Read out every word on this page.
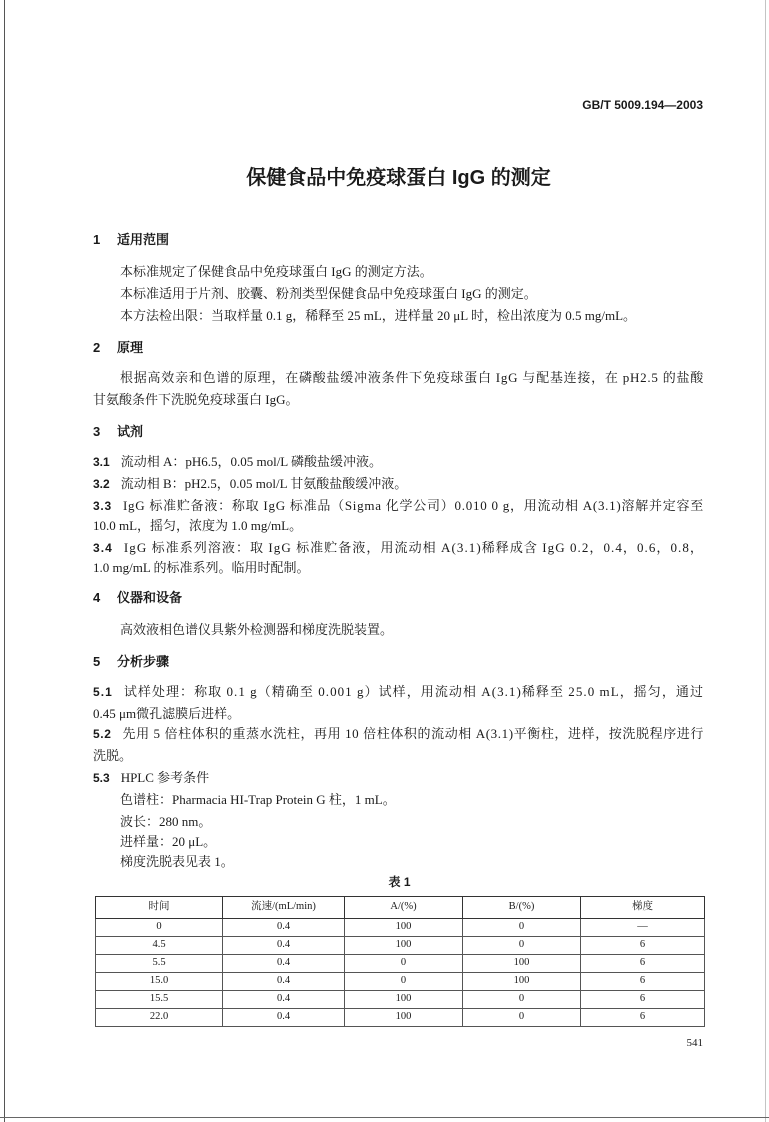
GB/T 5009.194—2003
保健食品中免疫球蛋白 IgG 的测定
1 适用范围
本标准规定了保健食品中免疫球蛋白 IgG 的测定方法。
本标准适用于片剂、胶囊、粉剂类型保健食品中免疫球蛋白 IgG 的测定。
本方法检出限：当取样量 0.1 g，稀释至 25 mL，进样量 20 μL 时，检出浓度为 0.5 mg/mL。
2 原理
根据高效亲和色谱的原理，在磷酸盐缓冲液条件下免疫球蛋白 IgG 与配基连接，在 pH2.5 的盐酸
甘氨酸条件下洗脱免疫球蛋白 IgG。
3 试剂
3.1 流动相 A：pH6.5，0.05 mol/L 磷酸盐缓冲液。
3.2 流动相 B：pH2.5，0.05 mol/L 甘氨酸盐酸缓冲液。
3.3 IgG 标准贮备液：称取 IgG 标准品（Sigma 化学公司）0.010 0 g，用流动相 A(3.1)溶解并定容至
10.0 mL，摇匀，浓度为 1.0 mg/mL。
3.4 IgG 标准系列溶液：取 IgG 标准贮备液，用流动相 A(3.1)稀释成含 IgG 0.2，0.4，0.6，0.8，
1.0 mg/mL 的标准系列。临用时配制。
4 仪器和设备
高效液相色谱仪具紫外检测器和梯度洗脱装置。
5 分析步骤
5.1 试样处理：称取 0.1 g（精确至 0.001 g）试样，用流动相 A(3.1)稀释至 25.0 mL，摇匀，通过
0.45 μm微孔滤膜后进样。
5.2 先用 5 倍柱体积的重蒸水洗柱，再用 10 倍柱体积的流动相 A(3.1)平衡柱，进样，按洗脱程序进行
洗脱。
5.3 HPLC 参考条件
色谱柱：Pharmacia HI-Trap Protein G 柱，1 mL。
波长：280 nm。
进样量：20 μL。
梯度洗脱表见表 1。
表 1
时间	流速/(mL/min)	A/(%)	B/(%)	梯度
0	0.4	100	0	—
4.5	0.4	100	0	6
5.5	0.4	0	100	6
15.0	0.4	0	100	6
15.5	0.4	100	0	6
22.0	0.4	100	0	6
541
